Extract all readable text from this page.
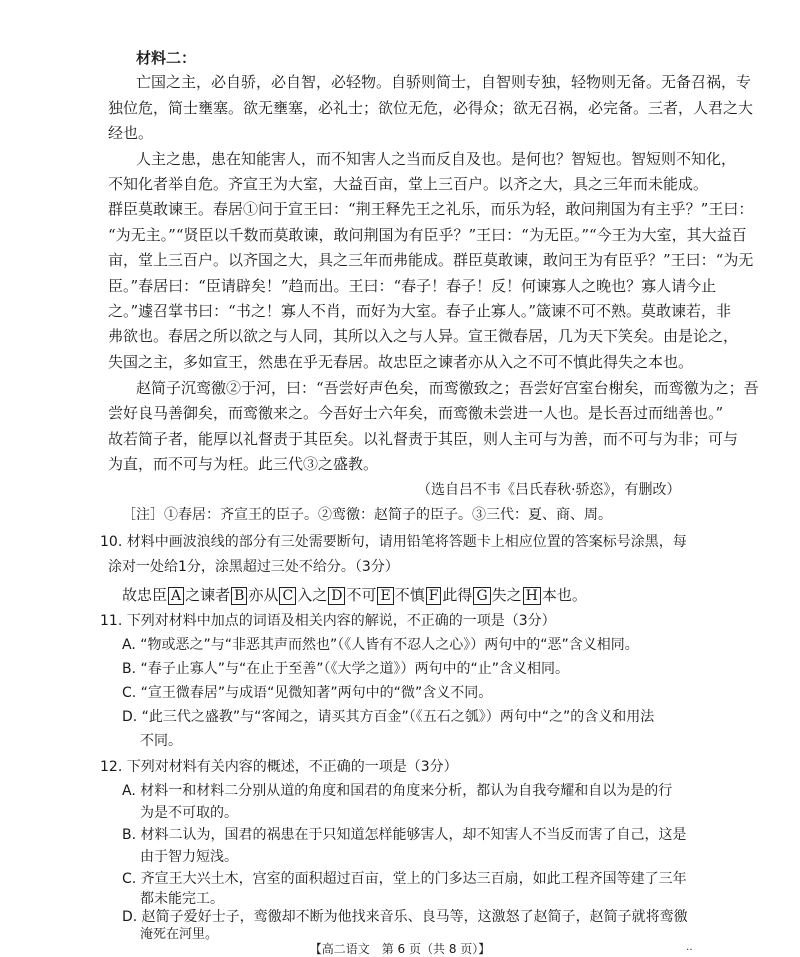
材料二：
亡国之主，必自骄，必自智，必轻物。自骄则简士，自智则专独，轻物则无备。无备召祸，专
独位危，简士壅塞。欲无壅塞，必礼士；欲位无危，必得众；欲无召祸，必完备。三者，人君之大
经也。
人主之患，患在知能害人，而不知害人之当而反自及也。是何也？智短也。智短则不知化，
不知化者举自危。齐宣王为大室，大益百亩，堂上三百户。以齐之大，具之三年而未能成。
群臣莫敢谏王。春居①问于宣王曰：“荆王释先王之礼乐，而乐为轻，敢问荆国为有主乎？”王曰：
“为无主。”“贤臣以千数而莫敢谏，敢问荆国为有臣乎？”王曰：“为无臣。”“今王为大室，其大益百
亩，堂上三百户。以齐国之大，具之三年而弗能成。群臣莫敢谏，敢问王为有臣乎？”王曰：“为无
臣。”春居曰：“臣请辟矣！”趋而出。王曰：“春子！春子！反！何谏寡人之晚也？寡人请今止
之。”遽召掌书曰：“书之！寡人不肖，而好为大室。春子止寡人。”箴谏不可不熟。莫敢谏若，非
弗欲也。春居之所以欲之与人同，其所以入之与人异。宣王微春居，几为天下笑矣。由是论之，
失国之主，多如宣王，然患在乎无春居。故忠臣之谏者亦从入之不可不慎此得失之本也。
赵简子沉鸾徼②于河，曰：“吾尝好声色矣，而鸾徼致之；吾尝好宫室台榭矣，而鸾徼为之；吾
尝好良马善御矣，而鸾徼来之。今吾好士六年矣，而鸾徼未尝进一人也。是长吾过而绌善也。”
故若简子者，能厚以礼督责于其臣矣。以礼督责于其臣，则人主可与为善，而不可与为非；可与
为直，而不可与为枉。此三代③之盛教。
（选自吕不韦《吕氏春秋·骄恣》，有删改）
［注］①春居：齐宣王的臣子。②鸾徼：赵简子的臣子。③三代：夏、商、周。
10. 材料中画波浪线的部分有三处需要断句，请用铅笔将答题卡上相应位置的答案标号涂黑，每
涂对一处给1分，涂黑超过三处不给分。（3分）
故忠臣 A 之谏者 B 亦从 C 入之 D 不可 E 不慎 F 此得 G 失之 H 本也。
11. 下列对材料中加点的词语及相关内容的解说，不正确的一项是（3分）
A. “物或恶之”与“非恶其声而然也”（《人皆有不忍人之心》）两句中的“恶”含义相同。
B. “春子止寡人”与“在止于至善”（《大学之道》）两句中的“止”含义相同。
C. “宣王微春居”与成语“见微知著”两句中的“微”含义不同。
D. “此三代之盛教”与“客闻之，请买其方百金”（《五石之瓠》）两句中“之”的含义和用法
不同。
12. 下列对材料有关内容的概述，不正确的一项是（3分）
A. 材料一和材料二分别从道的角度和国君的角度来分析，都认为自我夸耀和自以为是的行
为是不可取的。
B. 材料二认为，国君的祸患在于只知道怎样能够害人，却不知害人不当反而害了自己，这是
由于智力短浅。
C. 齐宣王大兴土木，宫室的面积超过百亩，堂上的门多达三百扇，如此工程齐国等建了三年
都未能完工。
D. 赵简子爱好士子，鸾徼却不断为他找来音乐、良马等，这激怒了赵简子，赵简子就将鸾徼
淹死在河里。
【高二语文　第 6 页（共 8 页）】	‥
